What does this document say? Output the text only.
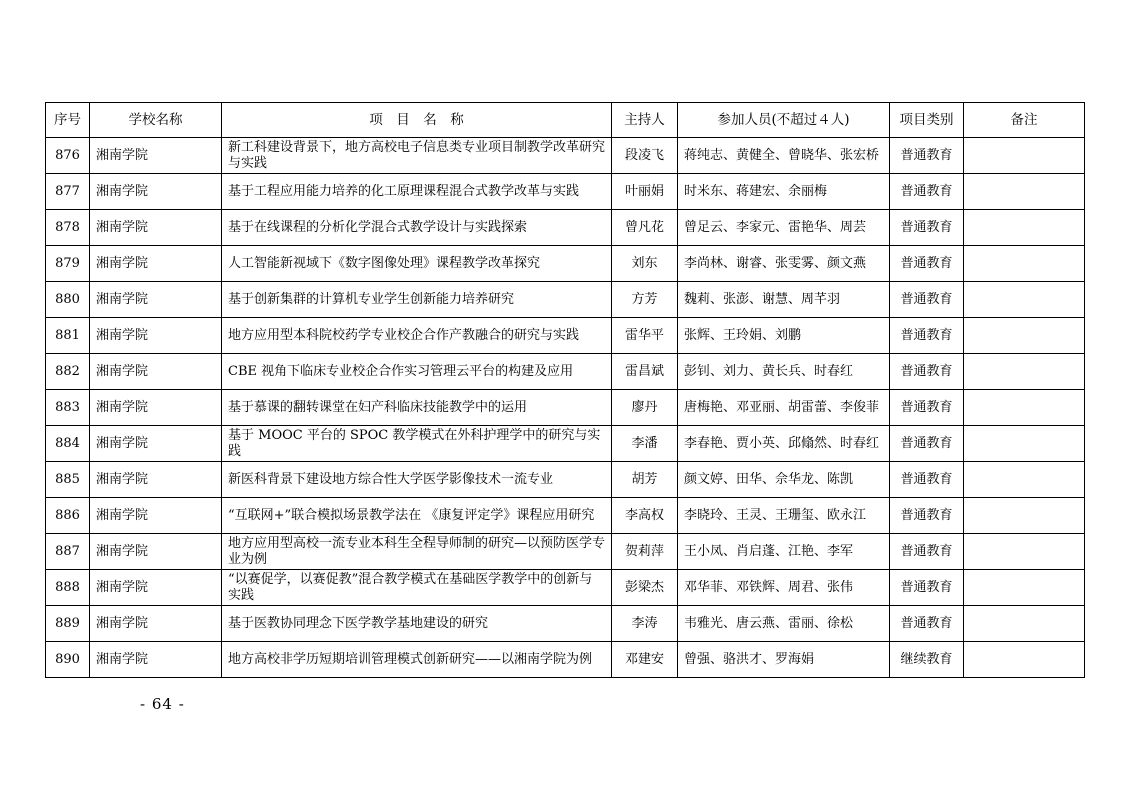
序号	学校名称	项　目　名　称	主持人	参加人员(不超过４人)	项目类别	备注
876	湘南学院	新工科建设背景下，地方高校电子信息类专业项目制教学改革研究与实践	段凌飞	蒋纯志、黄健全、曾晓华、张宏桥	普通教育	
877	湘南学院	基于工程应用能力培养的化工原理课程混合式教学改革与实践	叶丽娟	时米东、蒋建宏、余丽梅	普通教育	
878	湘南学院	基于在线课程的分析化学混合式教学设计与实践探索	曾凡花	曾足云、李家元、雷艳华、周芸	普通教育	
879	湘南学院	人工智能新视域下《数字图像处理》课程教学改革探究	刘东	李尚林、谢睿、张雯雾、颜文燕	普通教育	
880	湘南学院	基于创新集群的计算机专业学生创新能力培养研究	方芳	魏莉、张澎、谢慧、周芊羽	普通教育	
881	湘南学院	地方应用型本科院校药学专业校企合作产教融合的研究与实践	雷华平	张辉、王玲娟、刘鹏	普通教育	
882	湘南学院	CBE 视角下临床专业校企合作实习管理云平台的构建及应用	雷昌斌	彭钊、刘力、黄长兵、时春红	普通教育	
883	湘南学院	基于慕课的翻转课堂在妇产科临床技能教学中的运用	廖丹	唐梅艳、邓亚丽、胡雷蕾、李俊菲	普通教育	
884	湘南学院	基于 MOOC 平台的 SPOC 教学模式在外科护理学中的研究与实践	李潘	李春艳、贾小英、邱翛然、时春红	普通教育	
885	湘南学院	新医科背景下建设地方综合性大学医学影像技术一流专业	胡芳	颜文婷、田华、佘华龙、陈凯	普通教育	
886	湘南学院	“互联网+”联合模拟场景教学法在 《康复评定学》课程应用研究	李高权	李晓玲、王灵、王珊玺、欧永江	普通教育	
887	湘南学院	地方应用型高校一流专业本科生全程导师制的研究—以预防医学专业为例	贺莉萍	王小凤、肖启蓬、江艳、李军	普通教育	
888	湘南学院	“以赛促学，以赛促教”混合教学模式在基础医学教学中的创新与实践	彭梁杰	邓华菲、邓铁辉、周君、张伟	普通教育	
889	湘南学院	基于医教协同理念下医学教学基地建设的研究	李涛	韦雅光、唐云燕、雷丽、徐松	普通教育	
890	湘南学院	地方高校非学历短期培训管理模式创新研究——以湘南学院为例	邓建安	曾强、骆洪才、罗海娟	继续教育	
- 64 -
